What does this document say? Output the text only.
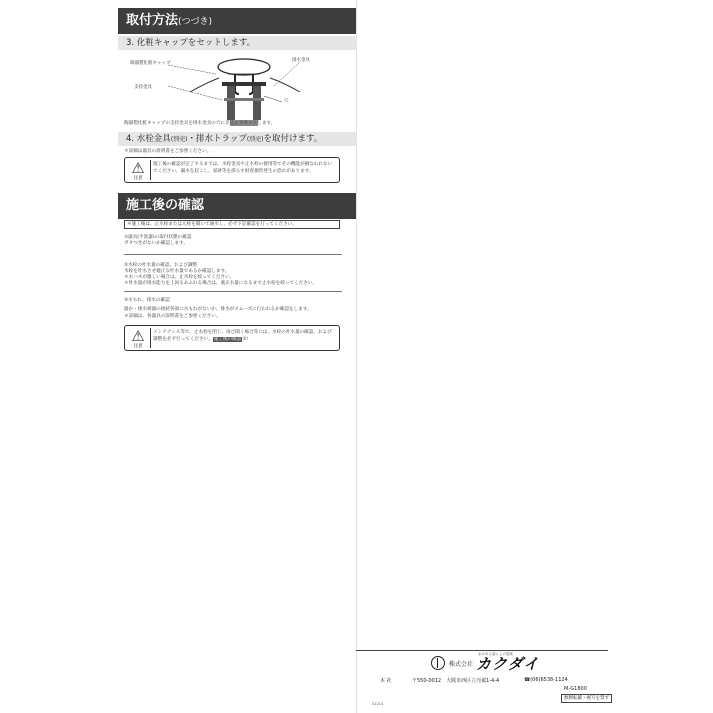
取付方法(つづき)
3. 化粧キャップをセットします。
陶器製化粧キャップ
排水金具
支持金具
穴
陶器製化粧キャップの支持金具を排水金具の穴に差込んでセットします。
4. 水栓金具(別売)・排水トラップ(別売)を取付けます。
＊詳細は器具の説明書をご参照ください。
⚠
注意
施工後の確認が完了するまでは、水栓金具や止水栓の使用等でその機能が損なわれないでください。漏水を起こし、家財等を濡らす財産損害発生の恐れがあります。
施工後の確認
＊施工後は、止水栓または元栓を開いて通水し、必ず下記確認を行ってください。
①器具(手洗器)の取付状態の確認
ガタつきがないか確認します。
②水栓の吐水量の確認、および調整
水栓を吐水させ適正な吐水量であるか確認します。
＊水ハネが激しい場合は、止水栓を絞ってください。
＊吐水量が排水能力を上回るあふれる場合は、適正水量になるまで止水栓を絞ってください。
③水もれ、排水の確認
器か・排水被器の接続各部に水もれがないか、排水がスムーズに行われるか確認をします。
＊詳細は、各器具の説明書をご参照ください。
⚠
注意
メンテナンス等で、止水栓を閉じ、再び開く場合等には、水栓の吐水量の確認、および調整を必ず行ってください。施工後の確認②）
株式会社
水のある暮らしの提案
カクダイ
本 社	〒550-0012　大阪市西区立売堀1-4-4	☎(06)6538-1124
M-G1800
無断転載・複写を禁ず
01214
